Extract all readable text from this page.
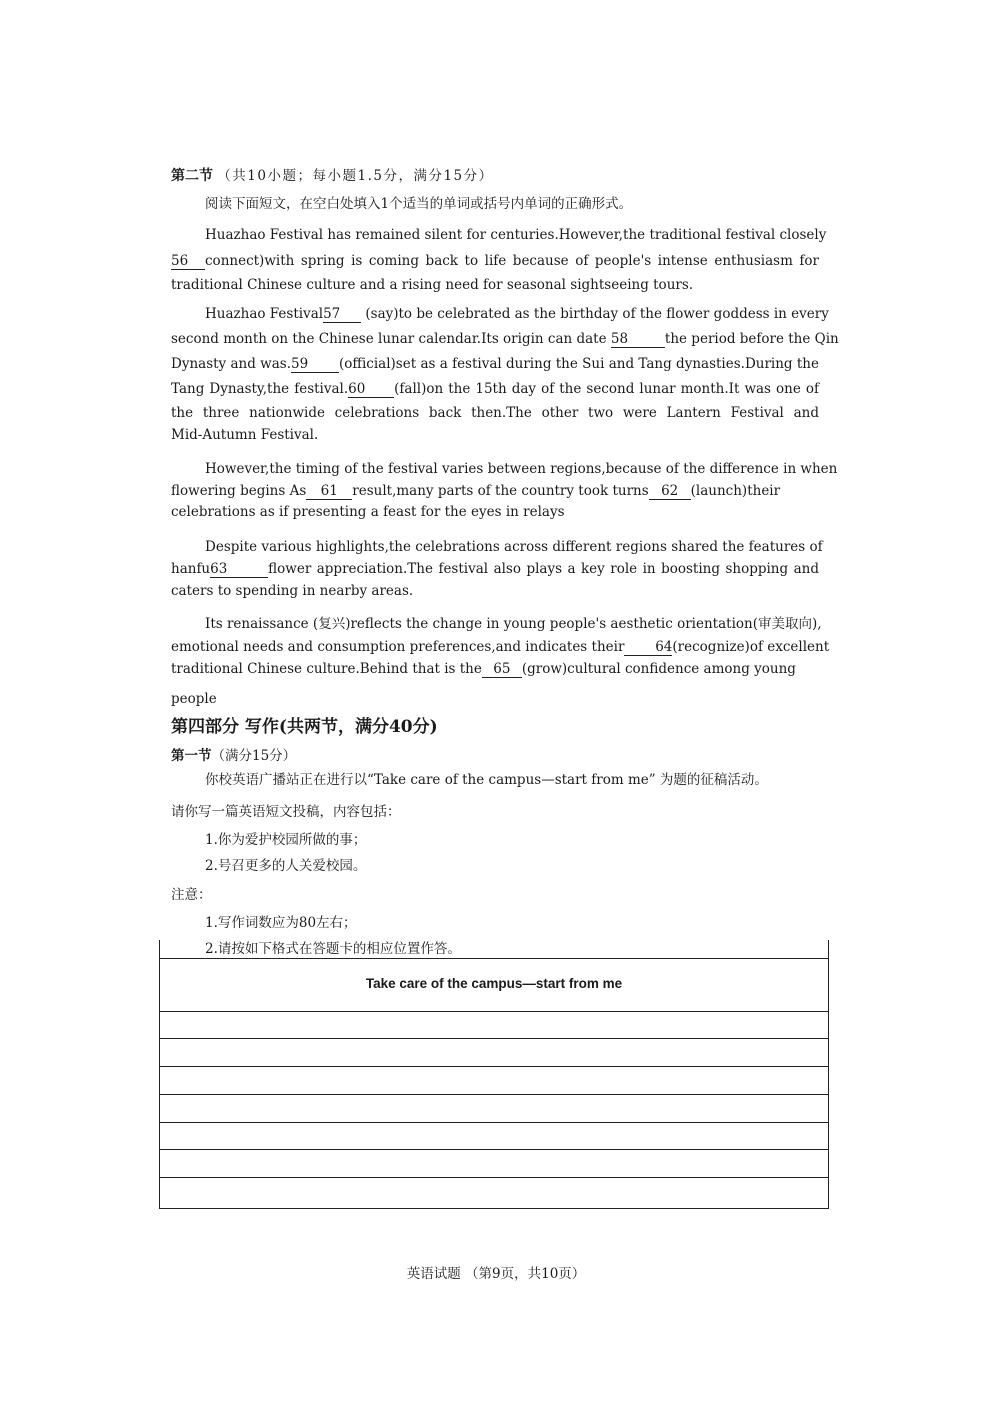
第二节 （共10小题；每小题1.5分，满分15分）
阅读下面短文，在空白处填入1个适当的单词或括号内单词的正确形式。
Huazhao Festival has remained silent for centuries.However,the traditional festival closely
56 connect)with spring is coming back to life because of people's intense enthusiasm for
traditional Chinese culture and a rising need for seasonal sightseeing tours.
Huazhao Festival57 (say)to be celebrated as the birthday of the flower goddess in every
second month on the Chinese lunar calendar.Its origin can date 58	the period before the Qin
Dynasty and was.59 (official)set as a festival during the Sui and Tang dynasties.During the
Tang Dynasty,the festival.60 (fall)on the 15th day of the second lunar month.It was one of
the three nationwide celebrations back then.The other two were Lantern Festival and
Mid-Autumn Festival.
However,the timing of the festival varies between regions,because of the difference in when
flowering begins As 61 result,many parts of the country took turns 62 (launch)their
celebrations as if presenting a feast for the eyes in relays
Despite various highlights,the celebrations across different regions shared the features of
hanfu63	flower appreciation.The festival also plays a key role in boosting shopping and
caters to spending in nearby areas.
Its renaissance (复兴)reflects the change in young people's aesthetic orientation(审美取向),
emotional needs and consumption preferences,and indicates their 64(recognize)of excellent
traditional Chinese culture.Behind that is the 65 (grow)cultural confidence among young
people
第四部分 写作(共两节，满分40分)
第一节（满分15分）
你校英语广播站正在进行以“Take care of the campus—start from me” 为题的征稿活动。
请你写一篇英语短文投稿，内容包括：
1.你为爱护校园所做的事；
2.号召更多的人关爱校园。
注意：
1.写作词数应为80左右；
2.请按如下格式在答题卡的相应位置作答。
Take care of the campus—start from me
英语试题 （第9页，共10页）
